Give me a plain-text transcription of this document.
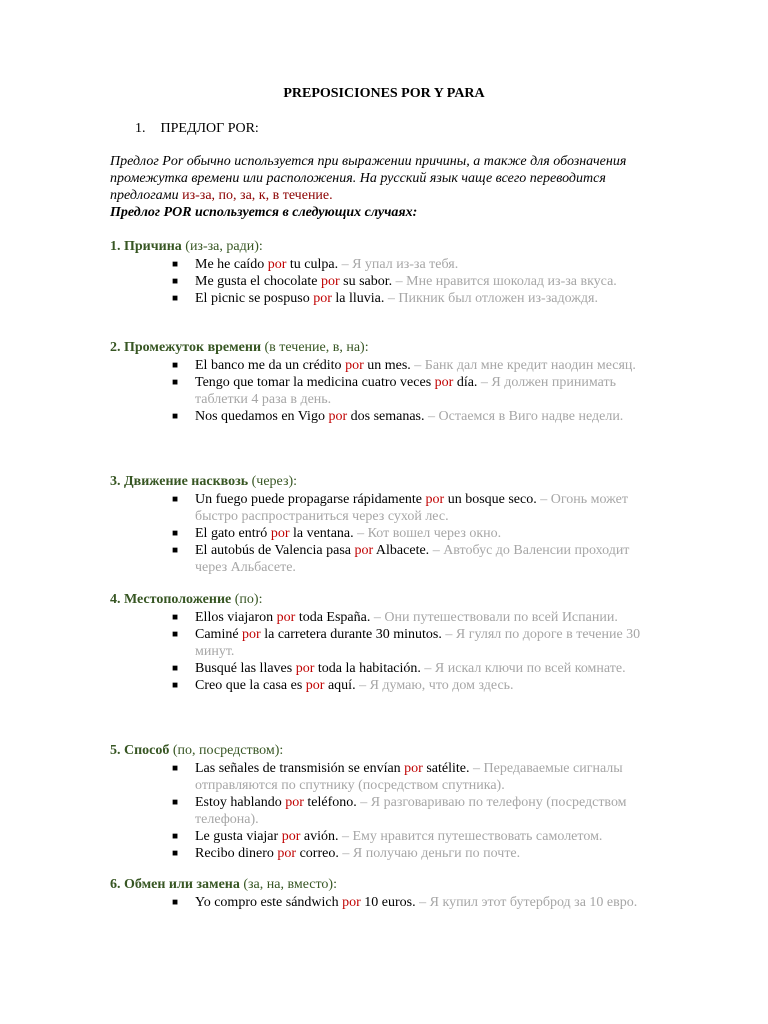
PREPOSICIONES POR Y PARA
1. ПРЕДЛОГ POR:
Предлог Por обычно используется при выражении причины, а также для обозначения промежутка времени или расположения. На русский язык чаще всего переводится предлогами из-за, по, за, к, в течение.
Предлог POR используется в следующих случаях:
1. Причина (из-за, ради):
■ Me he caído por tu culpa. – Я упал из-за тебя.
■ Me gusta el chocolate por su sabor. – Мне нравится шоколад из-за вкуса.
■ El picnic se pospuso por la lluvia. – Пикник был отложен из-задождя.
2. Промежуток времени (в течение, в, на):
■ El banco me da un crédito por un mes. – Банк дал мне кредит наодин месяц.
■ Tengo que tomar la medicina cuatro veces por día. – Я должен принимать таблетки 4 раза в день.
■ Nos quedamos en Vigo por dos semanas. – Остаемся в Виго надве недели.
3. Движение насквозь (через):
■ Un fuego puede propagarse rápidamente por un bosque seco. – Огонь может быстро распространиться через сухой лес.
■ El gato entró por la ventana. – Кот вошел через окно.
■ El autobús de Valencia pasa por Albacete. – Автобус до Валенсии проходит через Альбасете.
4. Местоположение (по):
■ Ellos viajaron por toda España. – Они путешествовали по всей Испании.
■ Caminé por la carretera durante 30 minutos. – Я гулял по дороге в течение 30 минут.
■ Busqué las llaves por toda la habitación. – Я искал ключи по всей комнате.
■ Creo que la casa es por aquí. – Я думаю, что дом здесь.
5. Способ (по, посредством):
■ Las señales de transmisión se envían por satélite. – Передаваемые сигналы отправляются по спутнику (посредством спутника).
■ Estoy hablando por teléfono. – Я разговариваю по телефону (посредством телефона).
■ Le gusta viajar por avión. – Ему нравится путешествовать самолетом.
■ Recibo dinero por correo. – Я получаю деньги по почте.
6. Обмен или замена (за, на, вместо):
■ Yo compro este sándwich por 10 euros. – Я купил этот бутерброд за 10 евро.
